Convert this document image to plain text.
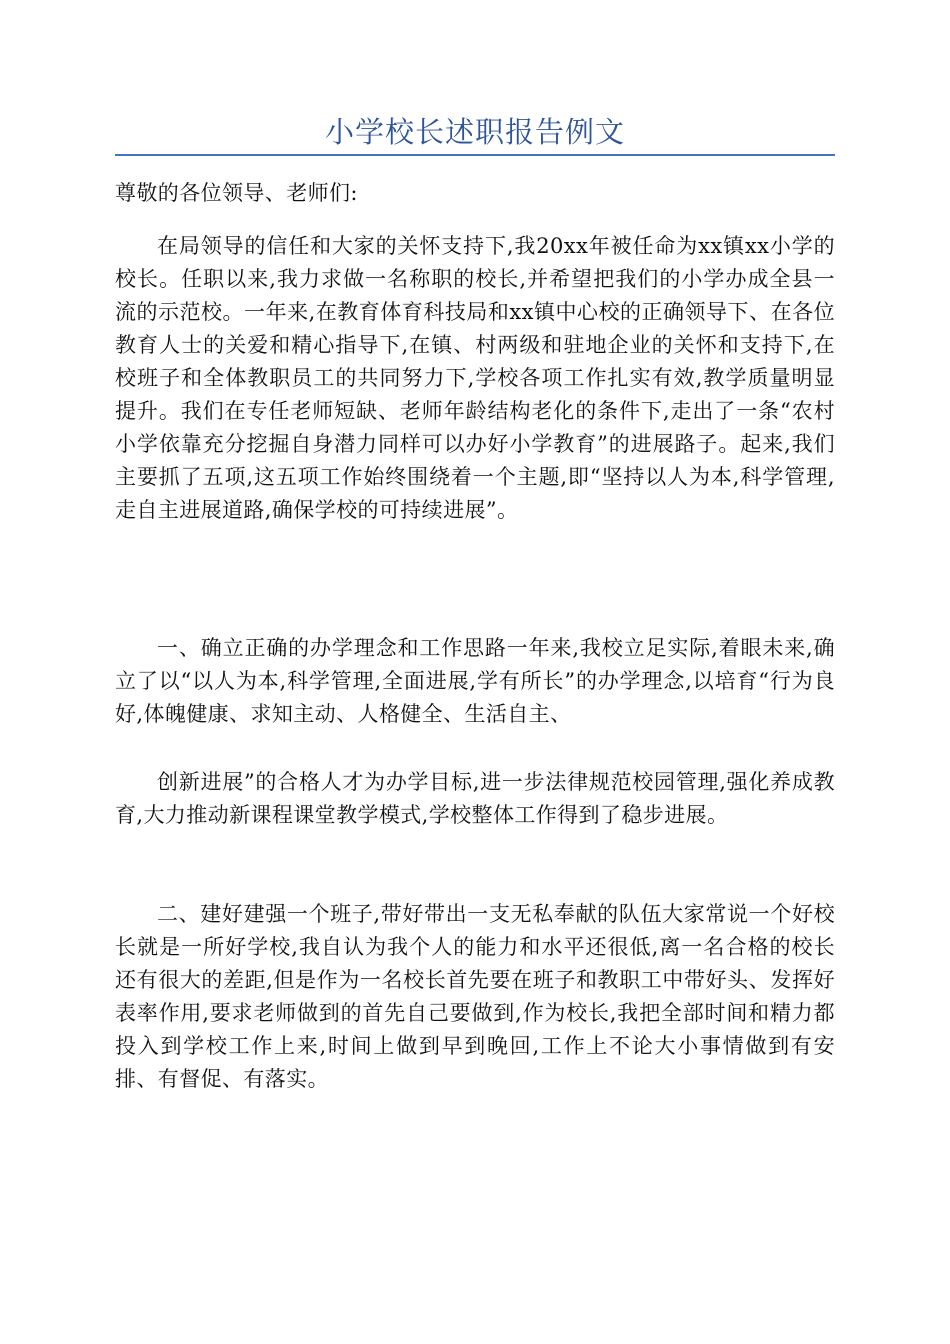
小学校长述职报告例文

尊敬的各位领导、老师们:

在局领导的信任和大家的关怀支持下,我20xx年被任命为xx镇xx小学的校长。任职以来,我力求做一名称职的校长,并希望把我们的小学办成全县一流的示范校。一年来,在教育体育科技局和xx镇中心校的正确领导下、在各位教育人士的关爱和精心指导下,在镇、村两级和驻地企业的关怀和支持下,在校班子和全体教职员工的共同努力下,学校各项工作扎实有效,教学质量明显提升。我们在专任老师短缺、老师年龄结构老化的条件下,走出了一条“农村小学依靠充分挖掘自身潜力同样可以办好小学教育”的进展路子。起来,我们主要抓了五项,这五项工作始终围绕着一个主题,即“坚持以人为本,科学管理,走自主进展道路,确保学校的可持续进展”。

一、确立正确的办学理念和工作思路一年来,我校立足实际,着眼未来,确立了以“以人为本,科学管理,全面进展,学有所长”的办学理念,以培育“行为良好,体魄健康、求知主动、人格健全、生活自主、

创新进展”的合格人才为办学目标,进一步法律规范校园管理,强化养成教育,大力推动新课程课堂教学模式,学校整体工作得到了稳步进展。

二、建好建强一个班子,带好带出一支无私奉献的队伍大家常说一个好校长就是一所好学校,我自认为我个人的能力和水平还很低,离一名合格的校长还有很大的差距,但是作为一名校长首先要在班子和教职工中带好头、发挥好表率作用,要求老师做到的首先自己要做到,作为校长,我把全部时间和精力都投入到学校工作上来,时间上做到早到晚回,工作上不论大小事情做到有安排、有督促、有落实。
